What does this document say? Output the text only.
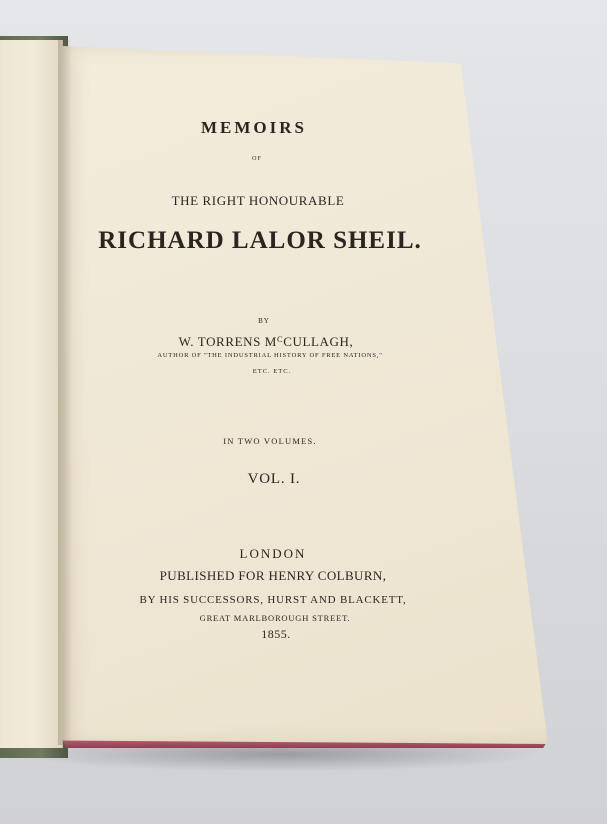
MEMOIRS
OF
THE RIGHT HONOURABLE
RICHARD LALOR SHEIL.
BY
W. TORRENS $M^CCULLAGH$,
AUTHOR OF "THE INDUSTRIAL HISTORY OF FREE NATIONS,"
ETC. ETC.
IN TWO VOLUMES.
VOL. I.
LONDON
PUBLISHED FOR HENRY COLBURN,
BY HIS SUCCESSORS, HURST AND BLACKETT,
GREAT MARLBOROUGH STREET.
1855.
